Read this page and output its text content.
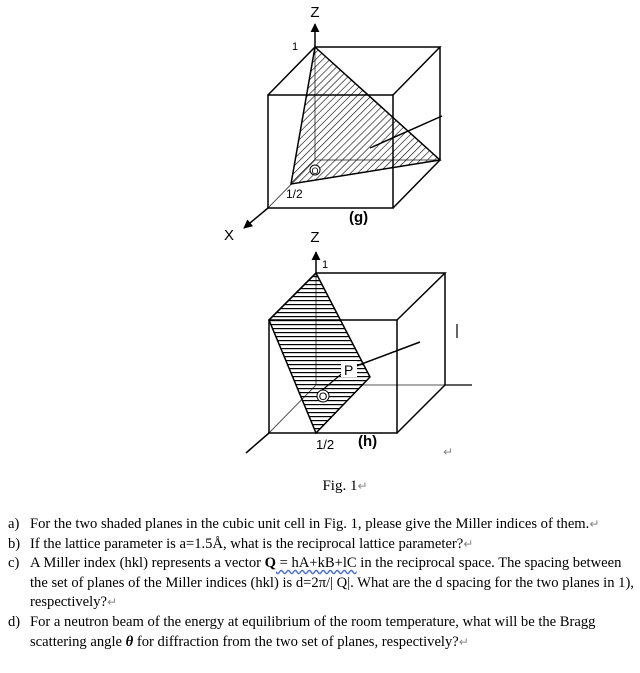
O
Z
1
1/2
X
(g)
P
O
Z
1
1/2 (h)
↵
Fig. 1↵
a) For the two shaded planes in the cubic unit cell in Fig. 1, please give the Miller indices of them.↵
b) If the lattice parameter is a=1.5Å, what is the reciprocal lattice parameter?↵
c) A Miller index (hkl) represents a vector Q = hA+kB+lC in the reciprocal space. The spacing between the set of planes of the Miller indices (hkl) is d=2π/| Q|. What are the d spacing for the two planes in 1), respectively?↵
d) For a neutron beam of the energy at equilibrium of the room temperature, what will be the Bragg scattering angle θ for diffraction from the two set of planes, respectively?↵
